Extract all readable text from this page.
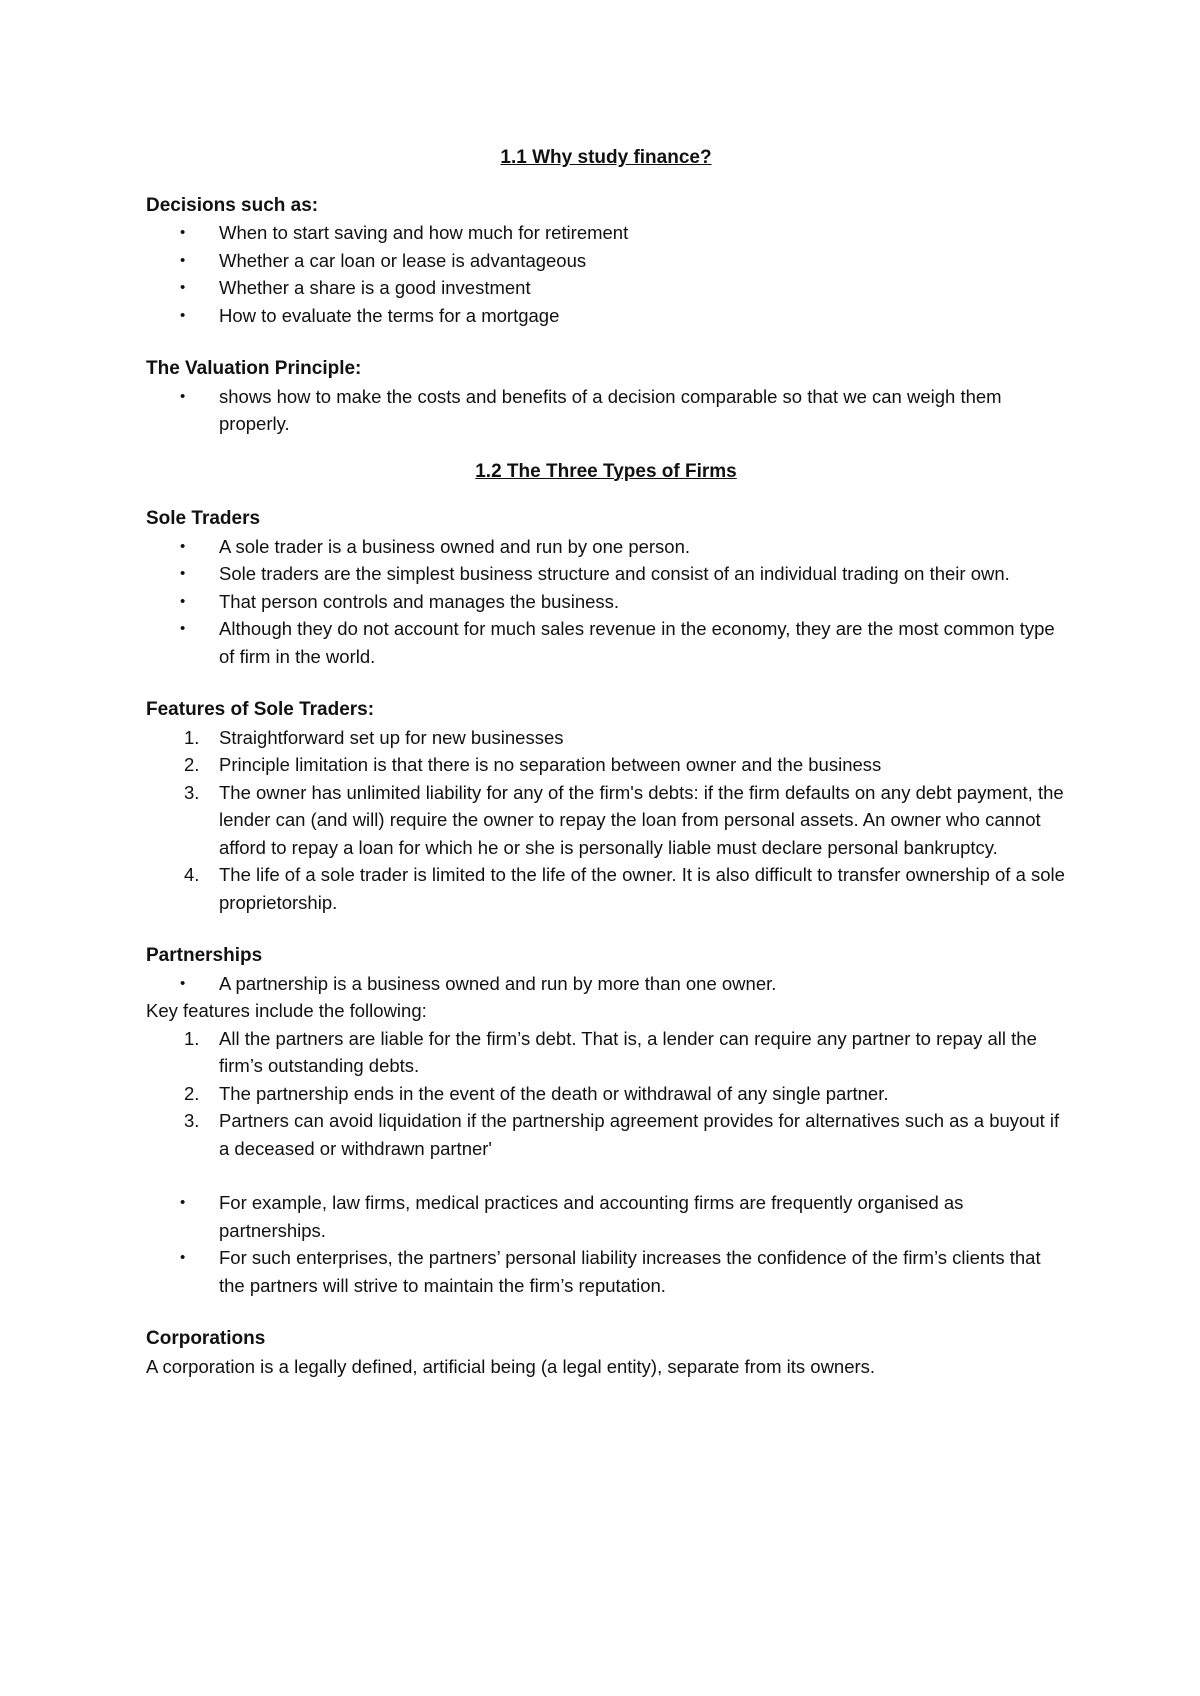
1.1 Why study finance?

Decisions such as:

• When to start saving and how much for retirement
• Whether a car loan or lease is advantageous
• Whether a share is a good investment
• How to evaluate the terms for a mortgage

The Valuation Principle:

• shows how to make the costs and benefits of a decision comparable so that we can weigh them properly.

1.2 The Three Types of Firms

Sole Traders

• A sole trader is a business owned and run by one person.
• Sole traders are the simplest business structure and consist of an individual trading on their own.
• That person controls and manages the business.
• Although they do not account for much sales revenue in the economy, they are the most common type of firm in the world.

Features of Sole Traders:

1. Straightforward set up for new businesses
2. Principle limitation is that there is no separation between owner and the business
3. The owner has unlimited liability for any of the firm's debts: if the firm defaults on any debt payment, the lender can (and will) require the owner to repay the loan from personal assets. An owner who cannot afford to repay a loan for which he or she is personally liable must declare personal bankruptcy.
4. The life of a sole trader is limited to the life of the owner. It is also difficult to transfer ownership of a sole proprietorship.

Partnerships

• A partnership is a business owned and run by more than one owner.

Key features include the following:

1. All the partners are liable for the firm’s debt. That is, a lender can require any partner to repay all the firm’s outstanding debts.
2. The partnership ends in the event of the death or withdrawal of any single partner.
3. Partners can avoid liquidation if the partnership agreement provides for alternatives such as a buyout if a deceased or withdrawn partner'
• For example, law firms, medical practices and accounting firms are frequently organised as partnerships.
• For such enterprises, the partners’ personal liability increases the confidence of the firm’s clients that the partners will strive to maintain the firm’s reputation.

Corporations

A corporation is a legally defined, artificial being (a legal entity), separate from its owners.
